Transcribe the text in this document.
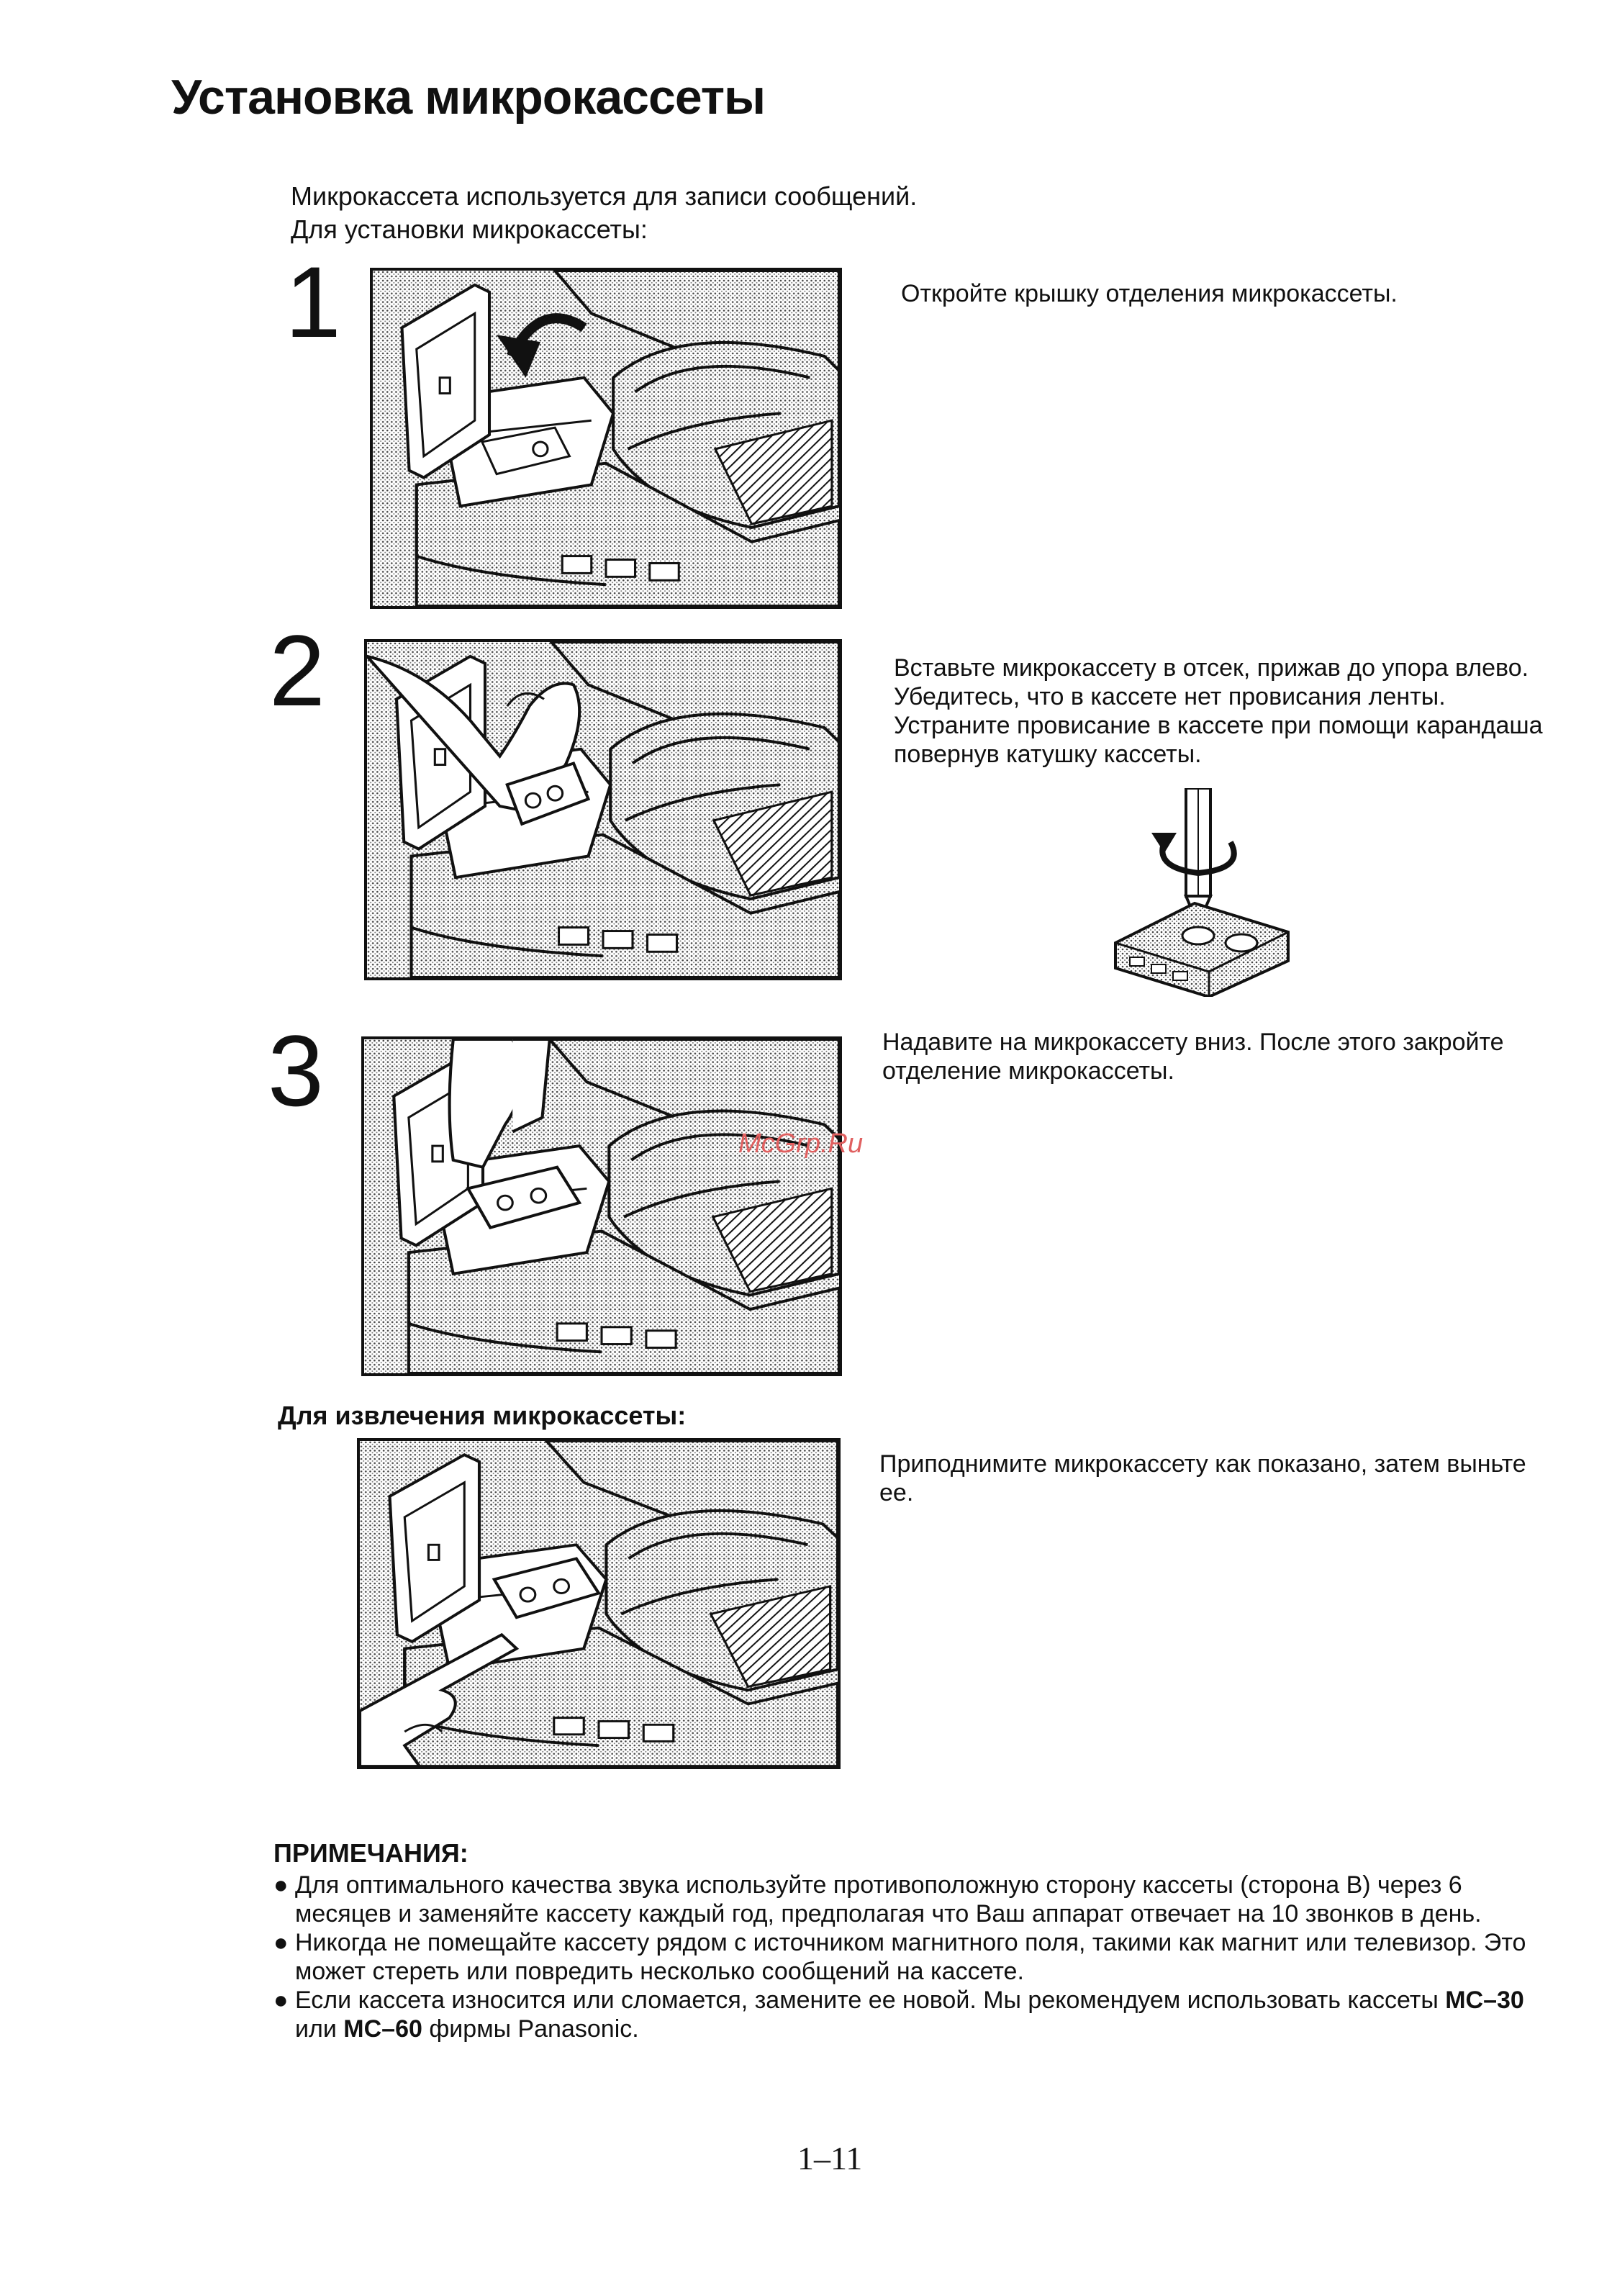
Установка микрокассеты
Микрокассета используется для записи сообщений.
Для установки микрокассеты:
1	Откройте крышку отделения микрокассеты.
2	Вставьте микрокассету в отсек, прижав до упора влево. Убедитесь, что в кассете нет провисания ленты. Устраните провисание в кассете при помощи карандаша повернув катушку кассеты.
3	Надавите на микрокассету вниз. После этого закройте отделение микрокассеты.
McGrp.Ru
Для извлечения микрокассеты:
Приподнимите микрокассету как показано, затем выньте ее.
ПРИМЕЧАНИЯ:
● Для оптимального качества звука используйте противоположную сторону кассеты (сторона B) через 6 месяцев и заменяйте кассету каждый год, предполагая что Ваш аппарат отвечает на 10 звонков в день.
● Никогда не помещайте кассету рядом с источником магнитного поля, такими как магнит или телевизор. Это может стереть или повредить несколько сообщений на кассете.
● Если кассета износится или сломается, замените ее новой. Мы рекомендуем использовать кассеты MC–30 или MC–60 фирмы Panasonic.
1–11
